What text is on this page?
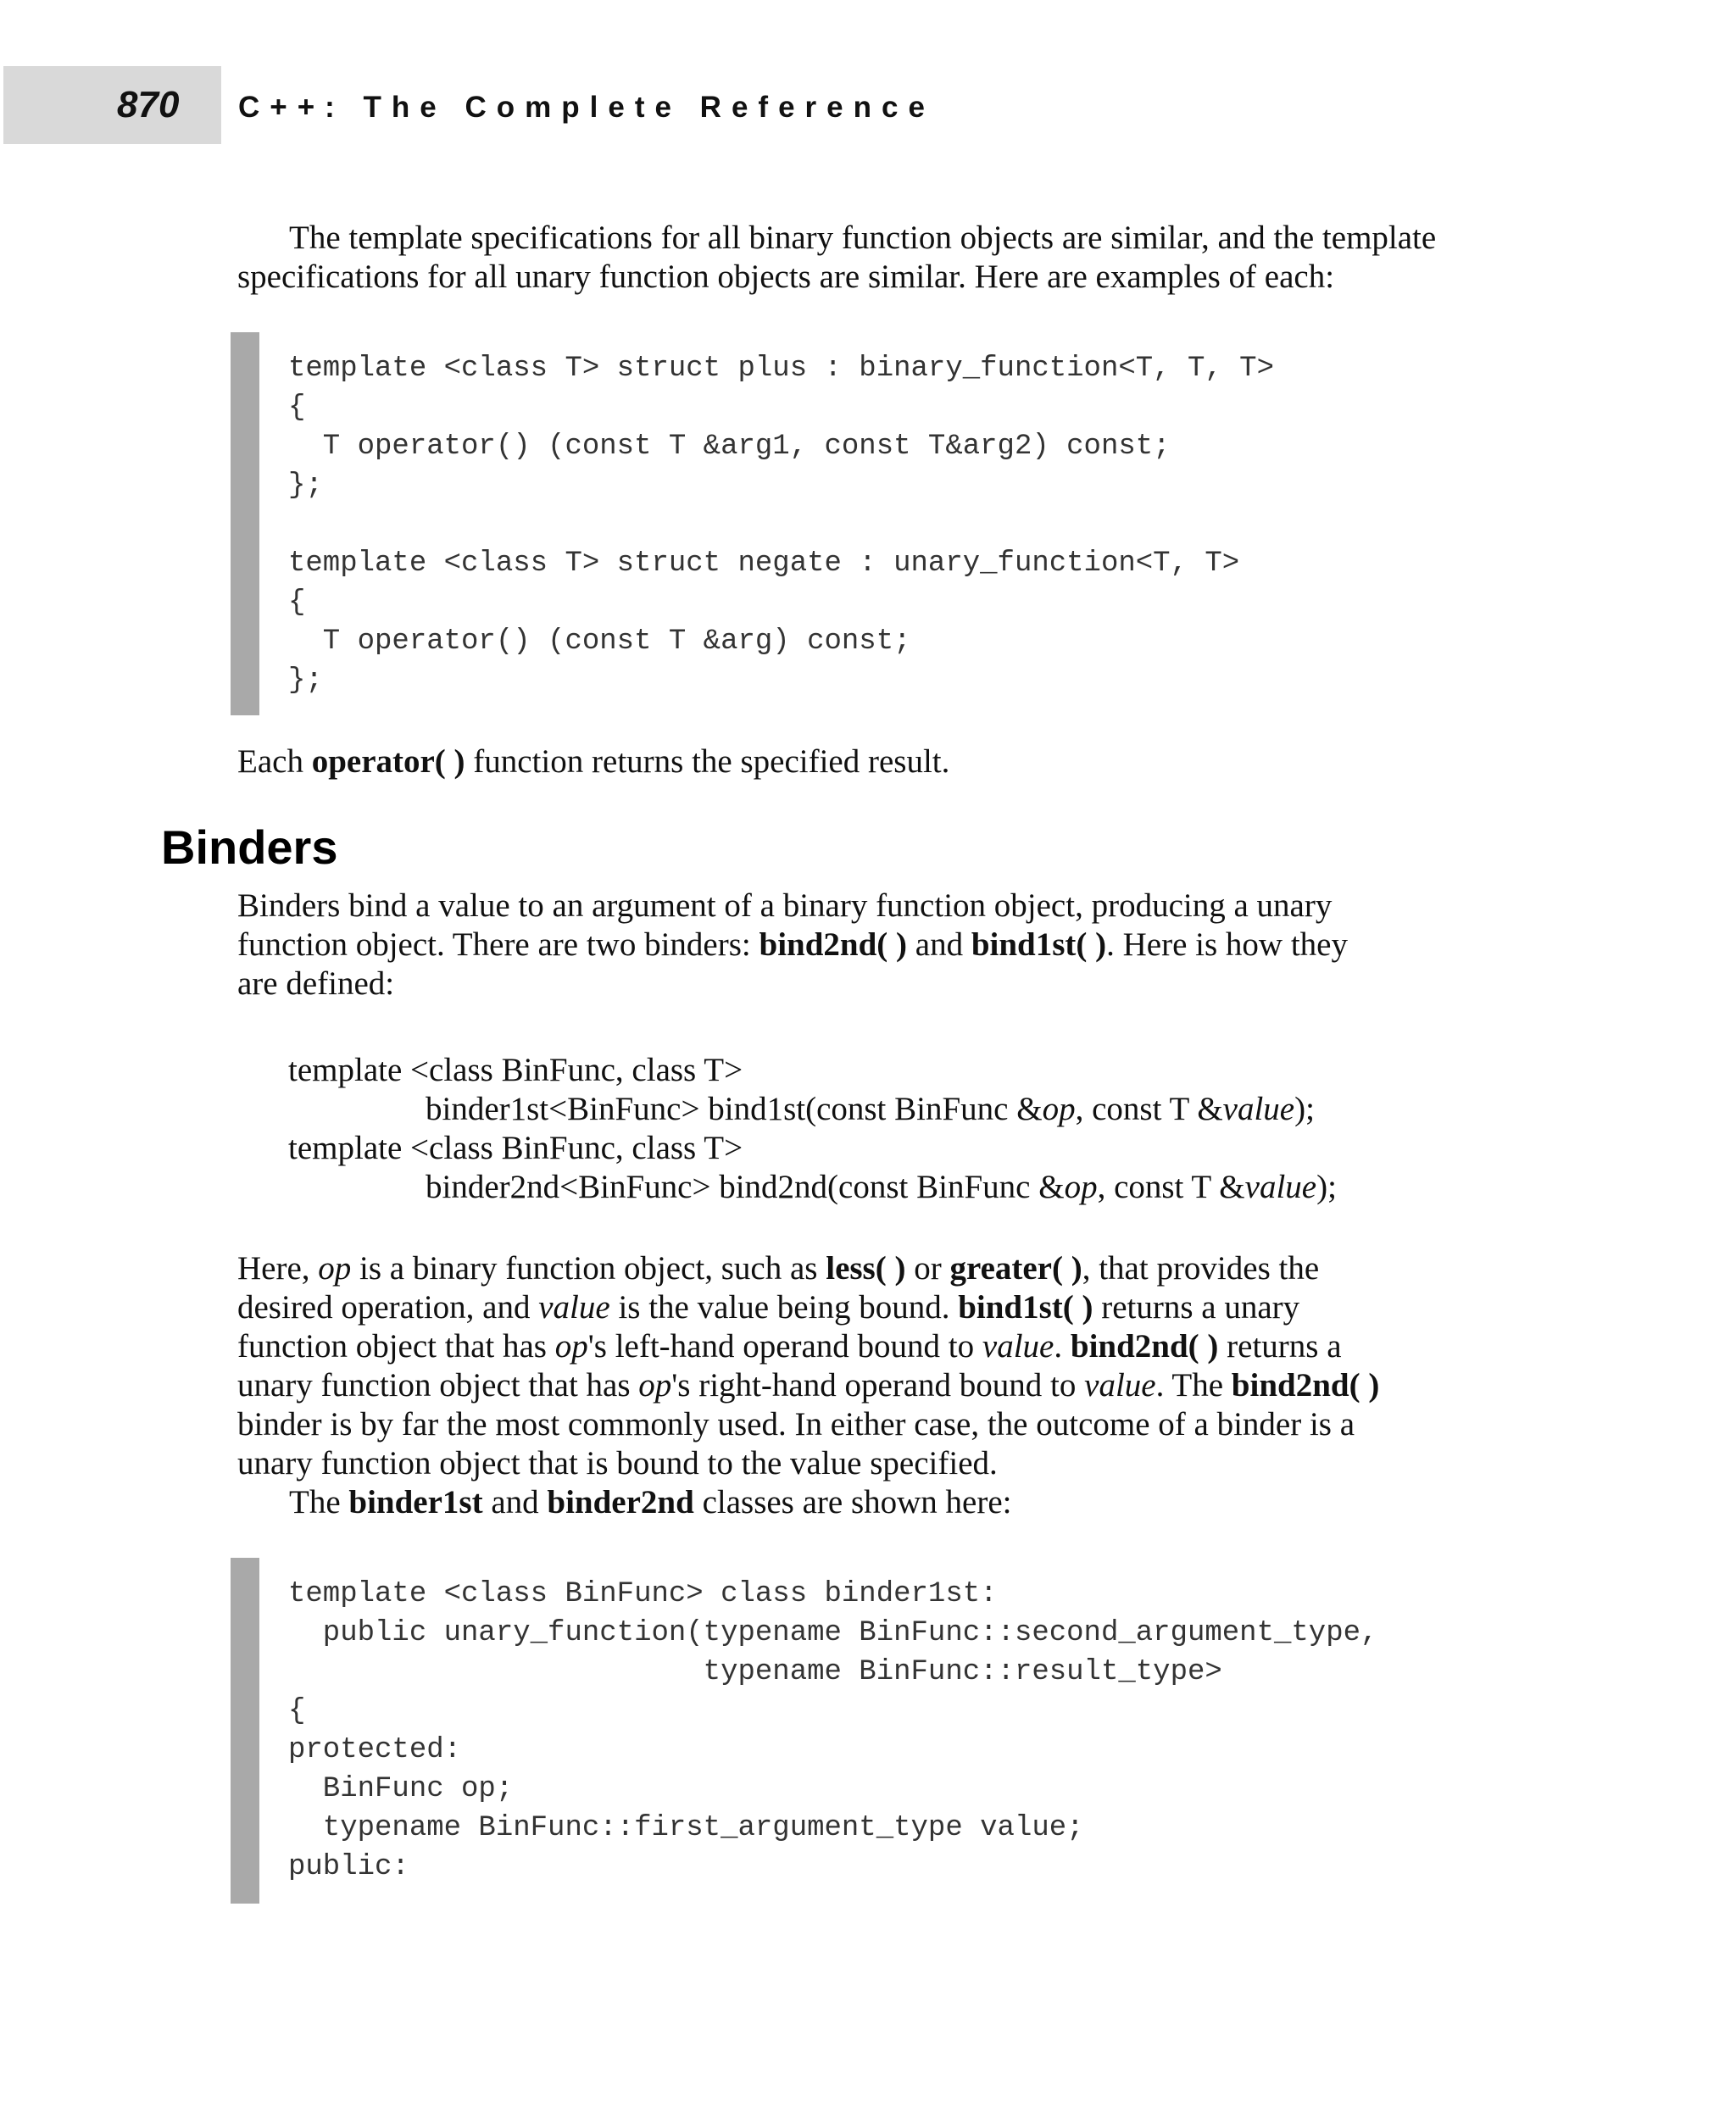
870	C++: The Complete Reference

The template specifications for all binary function objects are similar, and the template

specifications for all unary function objects are similar. Here are examples of each:

template <class T> struct plus : binary_function<T, T, T>
{
T operator() (const T &arg1, const T&arg2) const;
};

template <class T> struct negate : unary_function<T, T>
{
T operator() (const T &arg) const;
};

Each operator( ) function returns the specified result.

Binders

Binders bind a value to an argument of a binary function object, producing a unary

function object. There are two binders: bind2nd( ) and bind1st( ). Here is how they

are defined:

template <class BinFunc, class T>
binder1st<BinFunc> bind1st(const BinFunc &op, const T &value);
template <class BinFunc, class T>
binder2nd<BinFunc> bind2nd(const BinFunc &op, const T &value);

Here, op is a binary function object, such as less( ) or greater( ), that provides the

desired operation, and value is the value being bound. bind1st( ) returns a unary

function object that has op's left-hand operand bound to value. bind2nd( ) returns a

unary function object that has op's right-hand operand bound to value. The bind2nd( )

binder is by far the most commonly used. In either case, the outcome of a binder is a

unary function object that is bound to the value specified.

The binder1st and binder2nd classes are shown here:

template <class BinFunc> class binder1st:
public unary_function(typename BinFunc::second_argument_type,
typename BinFunc::result_type>
{
protected:
BinFunc op;
typename BinFunc::first_argument_type value;
public:
